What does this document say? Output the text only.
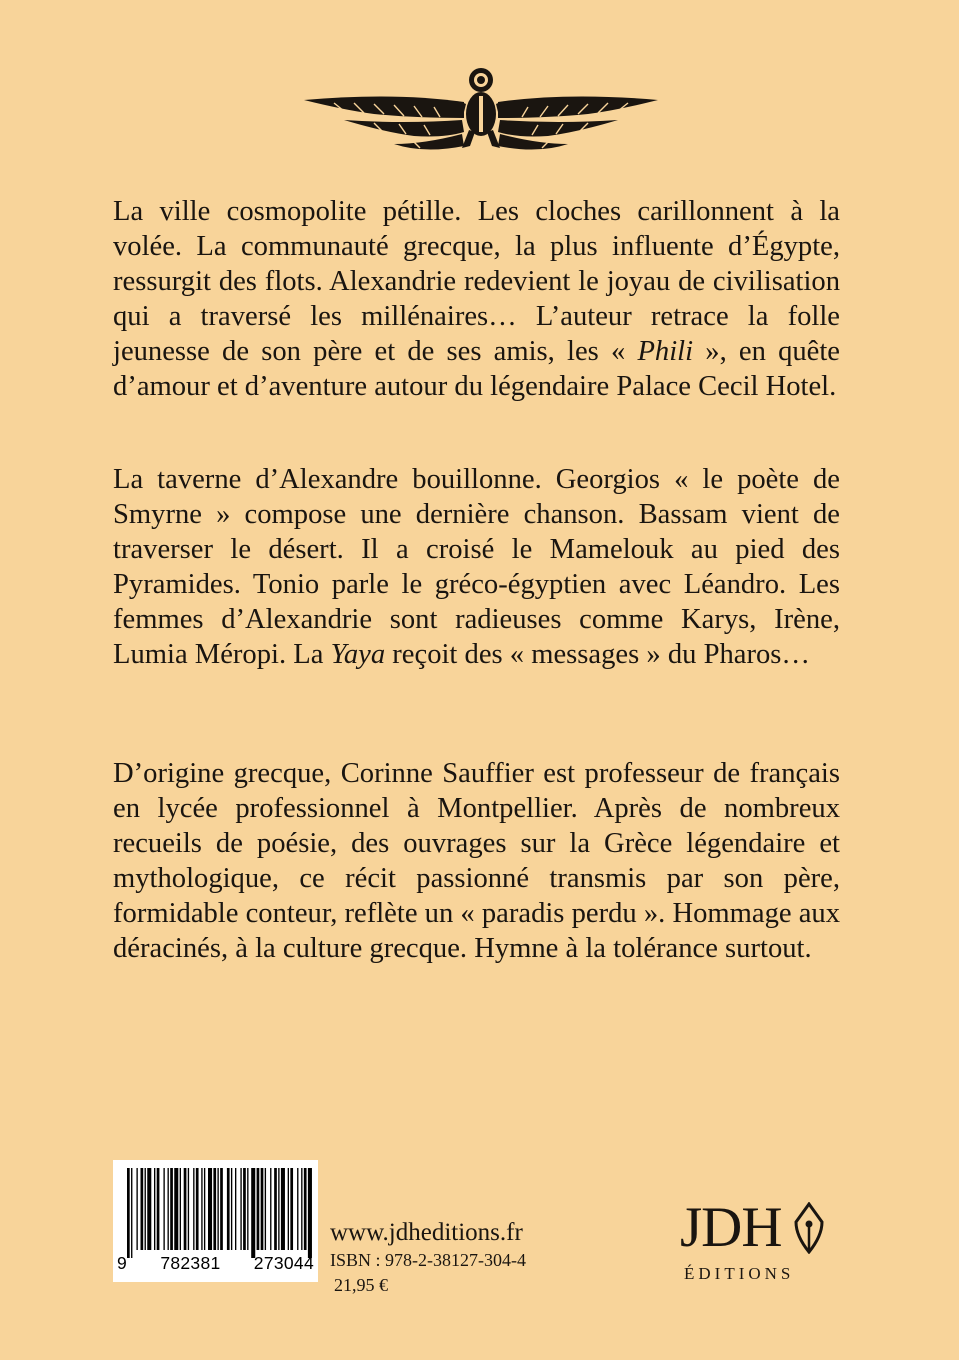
La ville cosmopolite pétille. Les cloches carillonnent à la volée. La communauté grecque, la plus influente d’Égypte, ressurgit des flots. Alexandrie redevient le joyau de civilisation qui a traversé les millénaires… L’auteur retrace la folle jeunesse de son père et de ses amis, les « Phili », en quête d’amour et d’aventure autour du légendaire Palace Cecil Hotel.

La taverne d’Alexandre bouillonne. Georgios « le poète de Smyrne » compose une dernière chanson. Bassam vient de traverser le désert. Il a croisé le Mamelouk au pied des Pyramides. Tonio parle le gréco-égyptien avec Léandro. Les femmes d’Alexandrie sont radieuses comme Karys, Irène, Lumia Méropi. La Yaya reçoit des « messages » du Pharos…

D’origine grecque, Corinne Sauffier est professeur de français en lycée professionnel à Montpellier. Après de nombreux recueils de poésie, des ouvrages sur la Grèce légendaire et mythologique, ce récit passionné transmis par son père, formidable conteur, reflète un « paradis perdu ». Hommage aux déracinés, à la culture grecque. Hymne à la tolérance surtout.

9 782381 273044
www.jdheditions.fr
ISBN : 978-2-38127-304-4
21,95 €
JDH
ÉDITIONS
